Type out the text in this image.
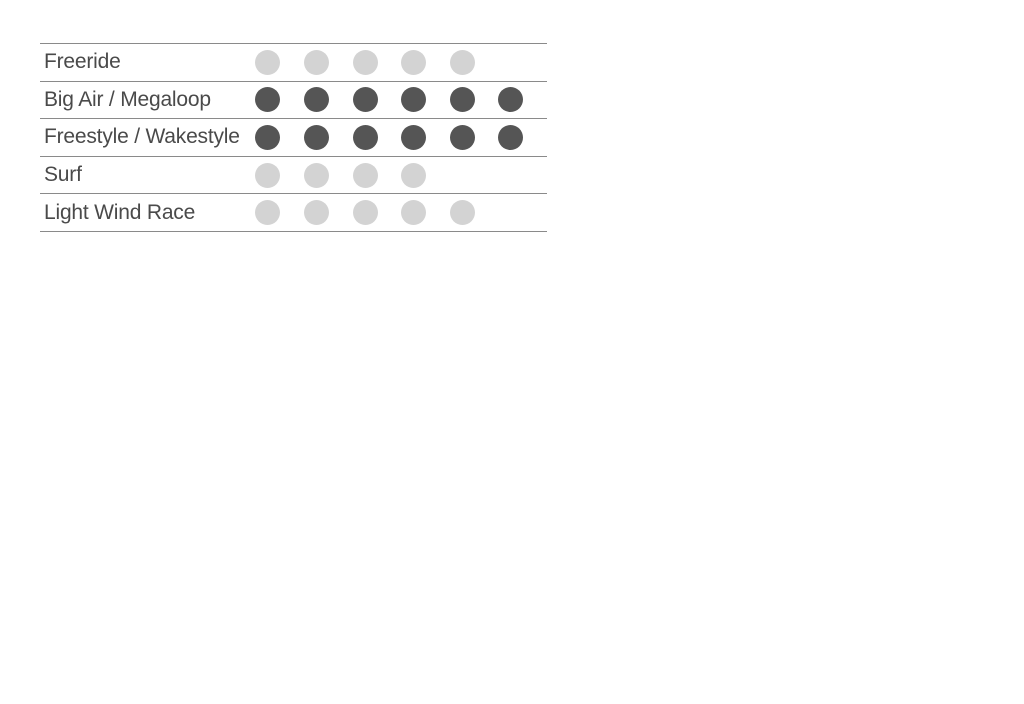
Freeride
Big Air / Megaloop
Freestyle / Wakestyle
Surf
Light Wind Race
